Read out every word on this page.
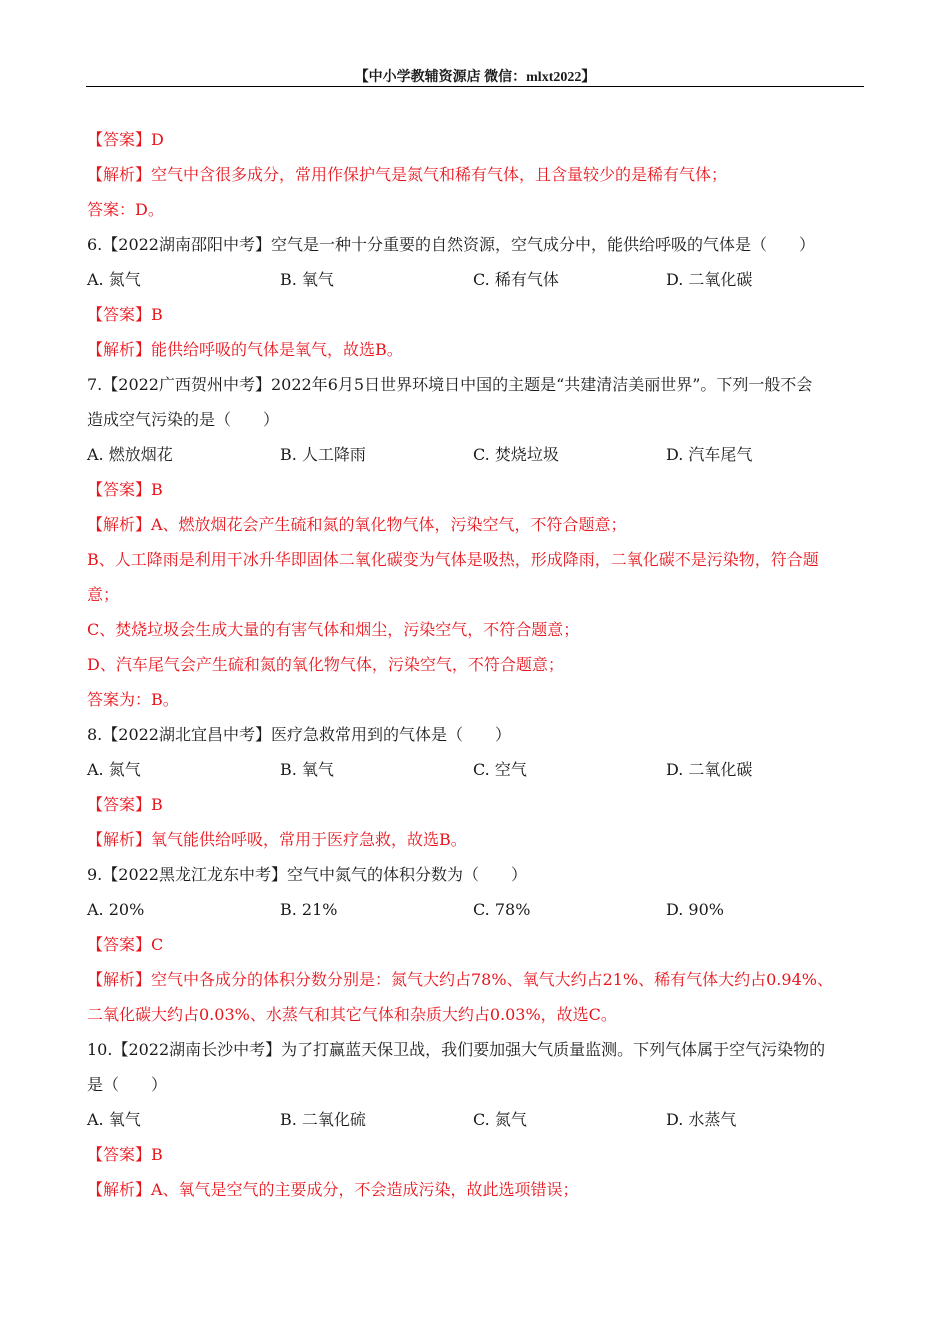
【中小学教辅资源店 微信：mlxt2022】
【答案】D
【解析】空气中含很多成分，常用作保护气是氮气和稀有气体，且含量较少的是稀有气体；
答案：D。
6.【2022湖南邵阳中考】空气是一种十分重要的自然资源，空气成分中，能供给呼吸的气体是（　　）
A. 氮气	B. 氧气	C. 稀有气体	D. 二氧化碳
【答案】B
【解析】能供给呼吸的气体是氧气，故选B。
7.【2022广西贺州中考】2022年6月5日世界环境日中国的主题是“共建清洁美丽世界”。下列一般不会
造成空气污染的是（　　）
A. 燃放烟花	B. 人工降雨	C. 焚烧垃圾	D. 汽车尾气
【答案】B
【解析】A、燃放烟花会产生硫和氮的氧化物气体，污染空气，不符合题意；
B、人工降雨是利用干冰升华即固体二氧化碳变为气体是吸热，形成降雨，二氧化碳不是污染物，符合题
意；
C、焚烧垃圾会生成大量的有害气体和烟尘，污染空气，不符合题意；
D、汽车尾气会产生硫和氮的氧化物气体，污染空气，不符合题意；
答案为：B。
8.【2022湖北宜昌中考】医疗急救常用到的气体是（　　）
A. 氮气	B. 氧气	C. 空气	D. 二氧化碳
【答案】B
【解析】氧气能供给呼吸，常用于医疗急救，故选B。
9.【2022黑龙江龙东中考】空气中氮气的体积分数为（　　）
A. 20%	B. 21%	C. 78%	D. 90%
【答案】C
【解析】空气中各成分的体积分数分别是：氮气大约占78%、氧气大约占21%、稀有气体大约占0.94%、
二氧化碳大约占0.03%、水蒸气和其它气体和杂质大约占0.03%，故选C。
10.【2022湖南长沙中考】为了打赢蓝天保卫战，我们要加强大气质量监测。下列气体属于空气污染物的
是（　　）
A. 氧气	B. 二氧化硫	C. 氮气	D. 水蒸气
【答案】B
【解析】A、氧气是空气的主要成分，不会造成污染，故此选项错误；
